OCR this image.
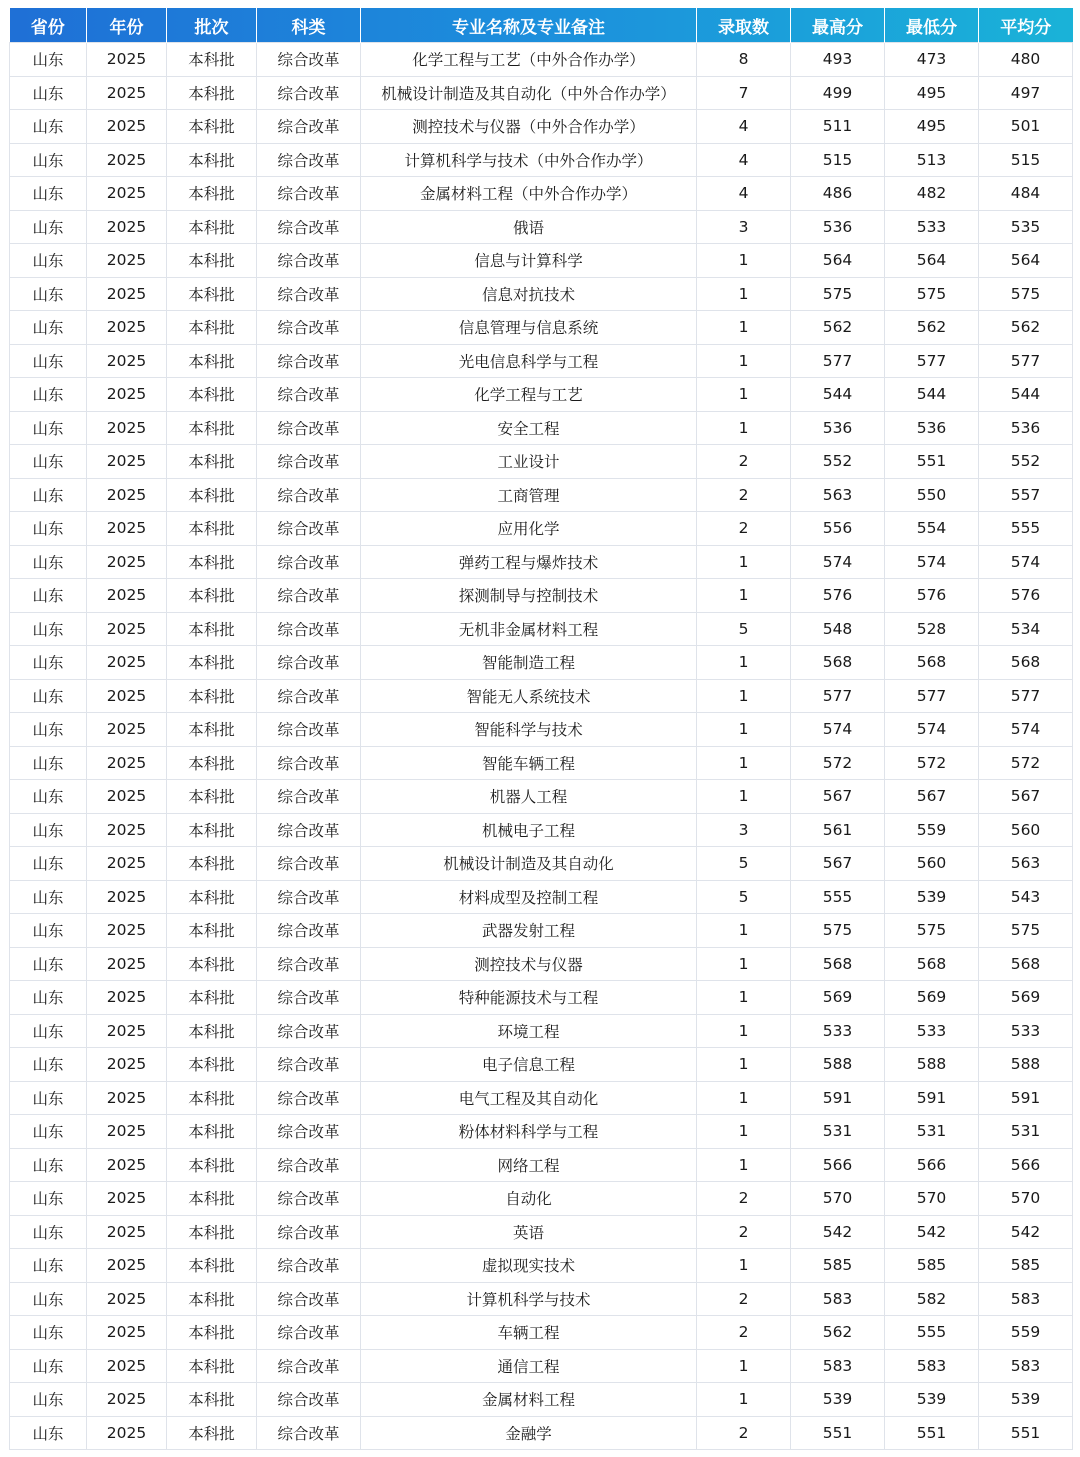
省份	年份	批次	科类	专业名称及专业备注	录取数	最高分	最低分	平均分
山东	2025	本科批	综合改革	化学工程与工艺（中外合作办学）	8	493	473	480
山东	2025	本科批	综合改革	机械设计制造及其自动化（中外合作办学）	7	499	495	497
山东	2025	本科批	综合改革	测控技术与仪器（中外合作办学）	4	511	495	501
山东	2025	本科批	综合改革	计算机科学与技术（中外合作办学）	4	515	513	515
山东	2025	本科批	综合改革	金属材料工程（中外合作办学）	4	486	482	484
山东	2025	本科批	综合改革	俄语	3	536	533	535
山东	2025	本科批	综合改革	信息与计算科学	1	564	564	564
山东	2025	本科批	综合改革	信息对抗技术	1	575	575	575
山东	2025	本科批	综合改革	信息管理与信息系统	1	562	562	562
山东	2025	本科批	综合改革	光电信息科学与工程	1	577	577	577
山东	2025	本科批	综合改革	化学工程与工艺	1	544	544	544
山东	2025	本科批	综合改革	安全工程	1	536	536	536
山东	2025	本科批	综合改革	工业设计	2	552	551	552
山东	2025	本科批	综合改革	工商管理	2	563	550	557
山东	2025	本科批	综合改革	应用化学	2	556	554	555
山东	2025	本科批	综合改革	弹药工程与爆炸技术	1	574	574	574
山东	2025	本科批	综合改革	探测制导与控制技术	1	576	576	576
山东	2025	本科批	综合改革	无机非金属材料工程	5	548	528	534
山东	2025	本科批	综合改革	智能制造工程	1	568	568	568
山东	2025	本科批	综合改革	智能无人系统技术	1	577	577	577
山东	2025	本科批	综合改革	智能科学与技术	1	574	574	574
山东	2025	本科批	综合改革	智能车辆工程	1	572	572	572
山东	2025	本科批	综合改革	机器人工程	1	567	567	567
山东	2025	本科批	综合改革	机械电子工程	3	561	559	560
山东	2025	本科批	综合改革	机械设计制造及其自动化	5	567	560	563
山东	2025	本科批	综合改革	材料成型及控制工程	5	555	539	543
山东	2025	本科批	综合改革	武器发射工程	1	575	575	575
山东	2025	本科批	综合改革	测控技术与仪器	1	568	568	568
山东	2025	本科批	综合改革	特种能源技术与工程	1	569	569	569
山东	2025	本科批	综合改革	环境工程	1	533	533	533
山东	2025	本科批	综合改革	电子信息工程	1	588	588	588
山东	2025	本科批	综合改革	电气工程及其自动化	1	591	591	591
山东	2025	本科批	综合改革	粉体材料科学与工程	1	531	531	531
山东	2025	本科批	综合改革	网络工程	1	566	566	566
山东	2025	本科批	综合改革	自动化	2	570	570	570
山东	2025	本科批	综合改革	英语	2	542	542	542
山东	2025	本科批	综合改革	虚拟现实技术	1	585	585	585
山东	2025	本科批	综合改革	计算机科学与技术	2	583	582	583
山东	2025	本科批	综合改革	车辆工程	2	562	555	559
山东	2025	本科批	综合改革	通信工程	1	583	583	583
山东	2025	本科批	综合改革	金属材料工程	1	539	539	539
山东	2025	本科批	综合改革	金融学	2	551	551	551
